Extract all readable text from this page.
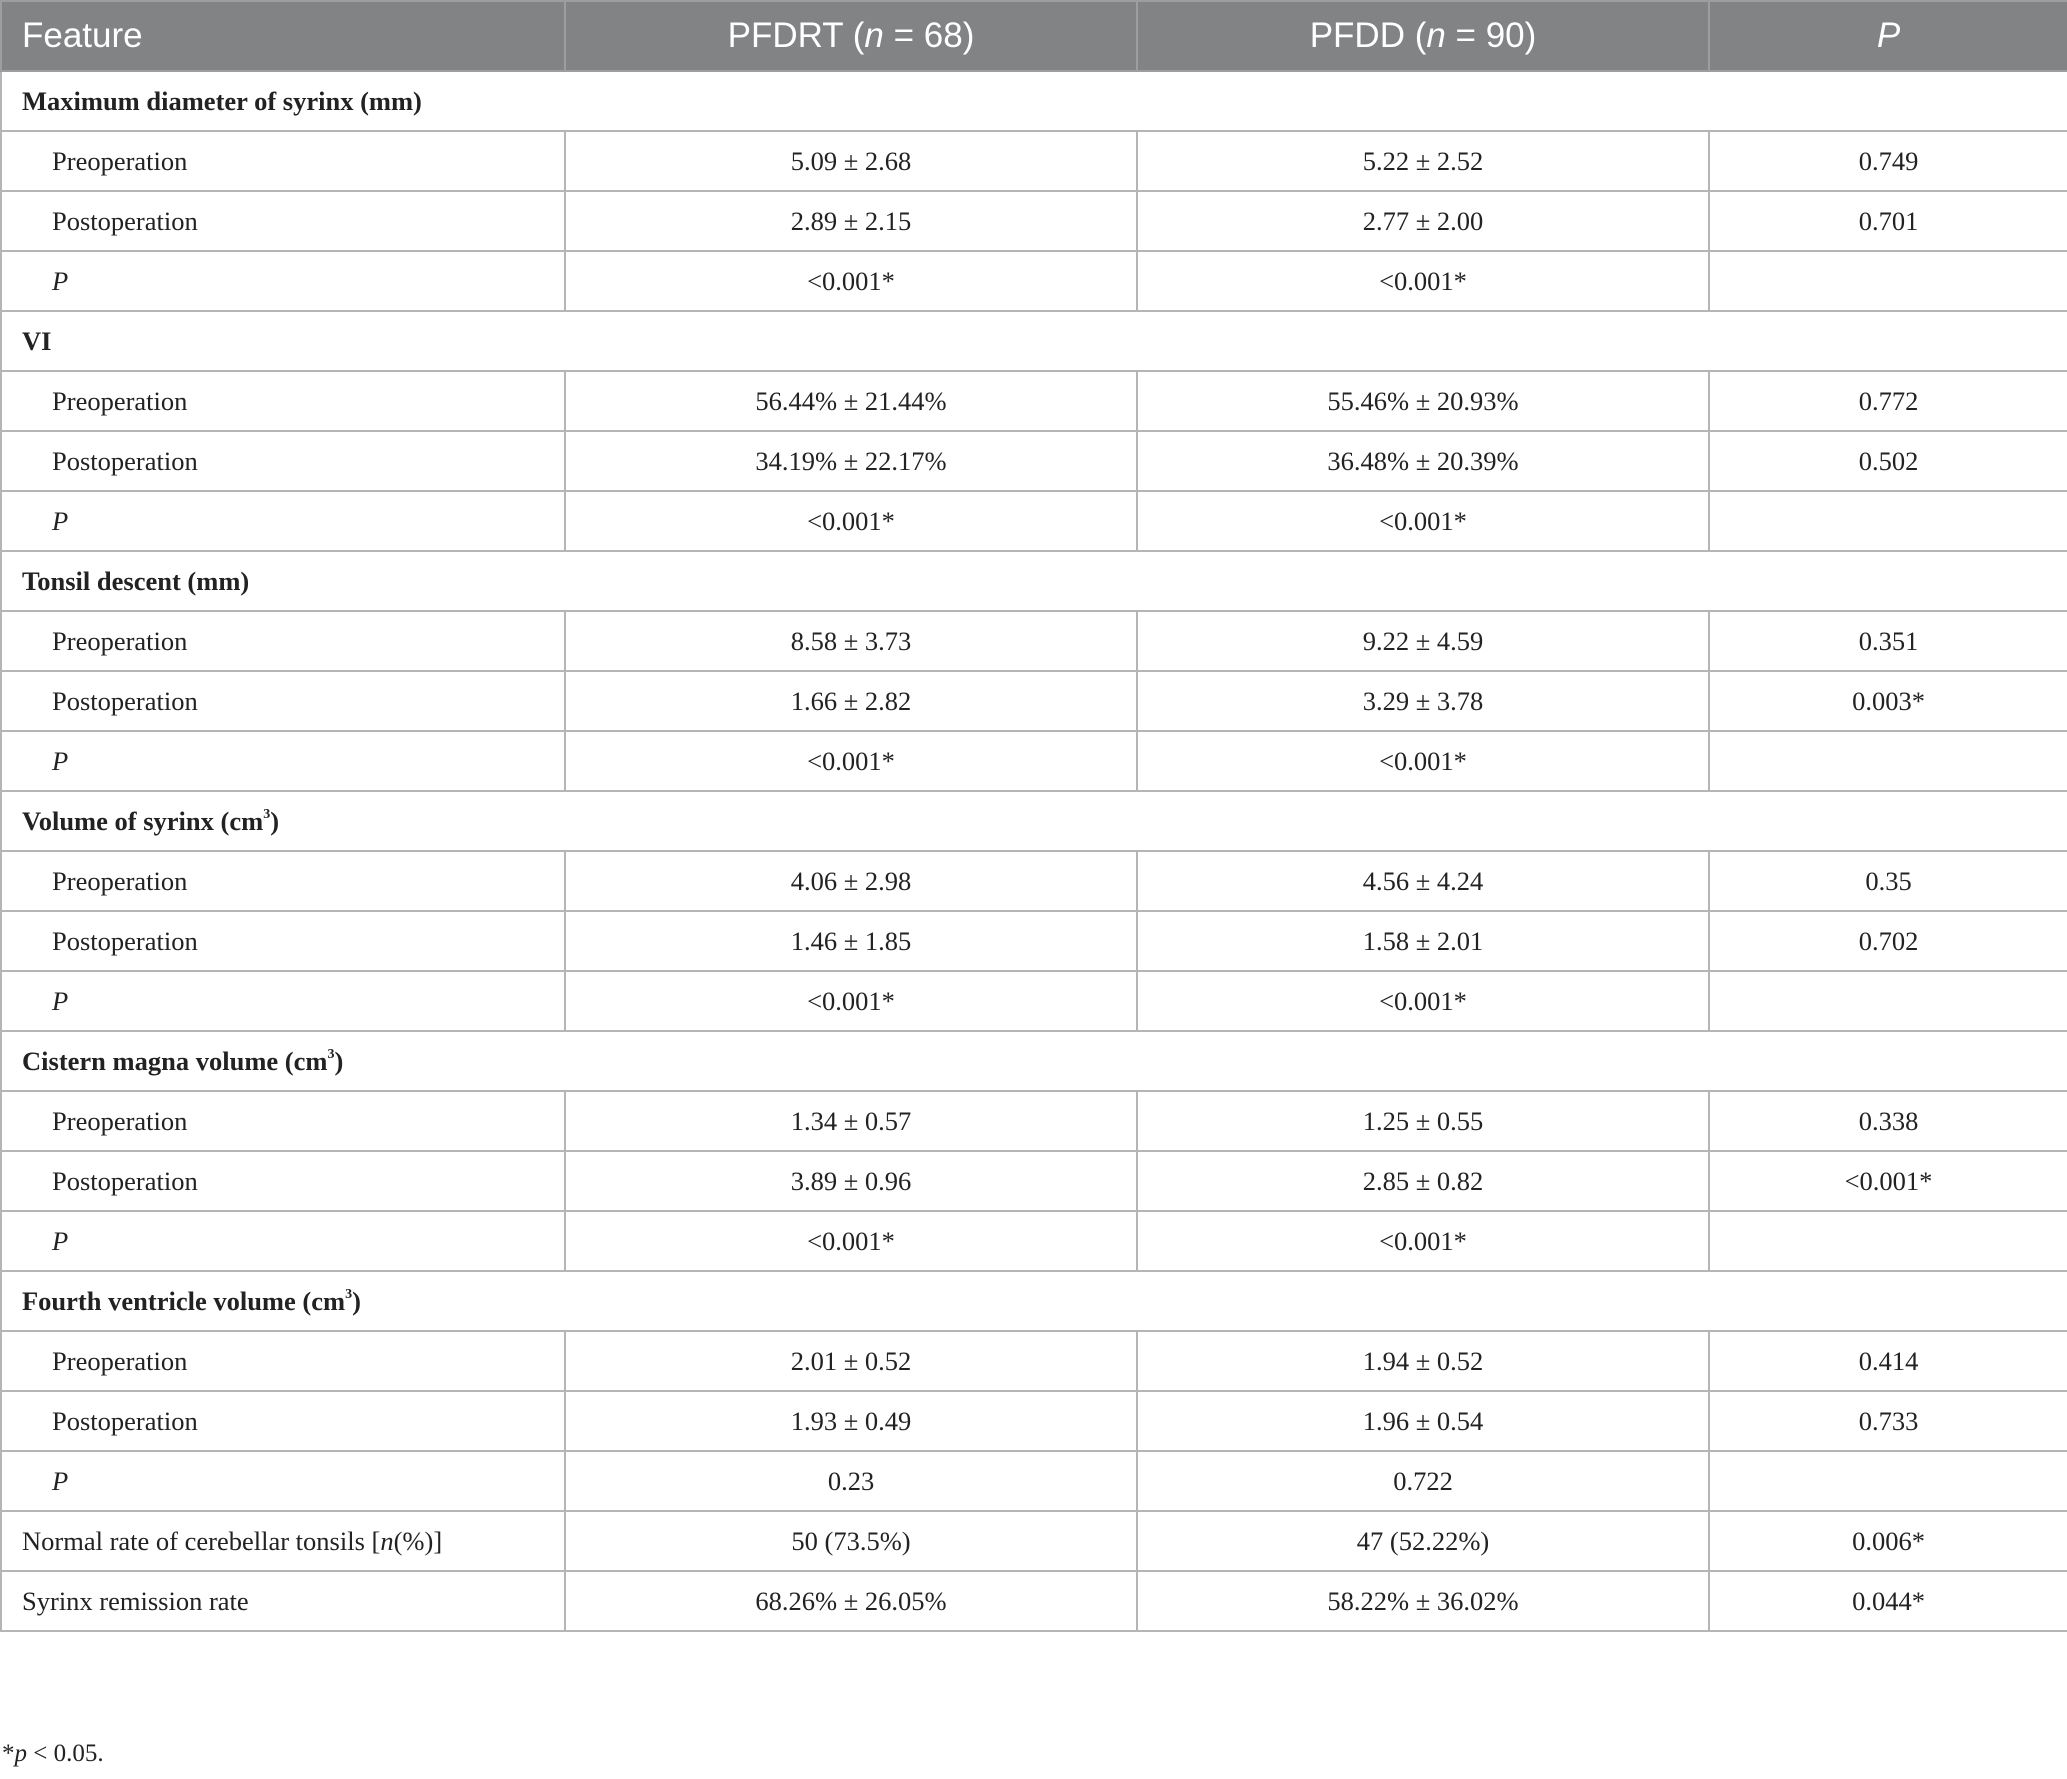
Feature	PFDRT (n = 68)	PFDD (n = 90)	P
Maximum diameter of syrinx (mm)			
Preoperation	5.09 ± 2.68	5.22 ± 2.52	0.749
Postoperation	2.89 ± 2.15	2.77 ± 2.00	0.701
P	<0.001*	<0.001*	
VI			
Preoperation	56.44% ± 21.44%	55.46% ± 20.93%	0.772
Postoperation	34.19% ± 22.17%	36.48% ± 20.39%	0.502
P	<0.001*	<0.001*	
Tonsil descent (mm)			
Preoperation	8.58 ± 3.73	9.22 ± 4.59	0.351
Postoperation	1.66 ± 2.82	3.29 ± 3.78	0.003*
P	<0.001*	<0.001*	
Volume of syrinx $(cm^3)$			
Preoperation	4.06 ± 2.98	4.56 ± 4.24	0.35
Postoperation	1.46 ± 1.85	1.58 ± 2.01	0.702
P	<0.001*	<0.001*	
Cistern magna volume $(cm^3)$			
Preoperation	1.34 ± 0.57	1.25 ± 0.55	0.338
Postoperation	3.89 ± 0.96	2.85 ± 0.82	<0.001*
P	<0.001*	<0.001*	
Fourth ventricle volume $(cm^3)$			
Preoperation	2.01 ± 0.52	1.94 ± 0.52	0.414
Postoperation	1.93 ± 0.49	1.96 ± 0.54	0.733
P	0.23	0.722	
Normal rate of cerebellar tonsils [n(%)]	50 (73.5%)	47 (52.22%)	0.006*
Syrinx remission rate	68.26% ± 26.05%	58.22% ± 36.02%	0.044*
*p < 0.05.
